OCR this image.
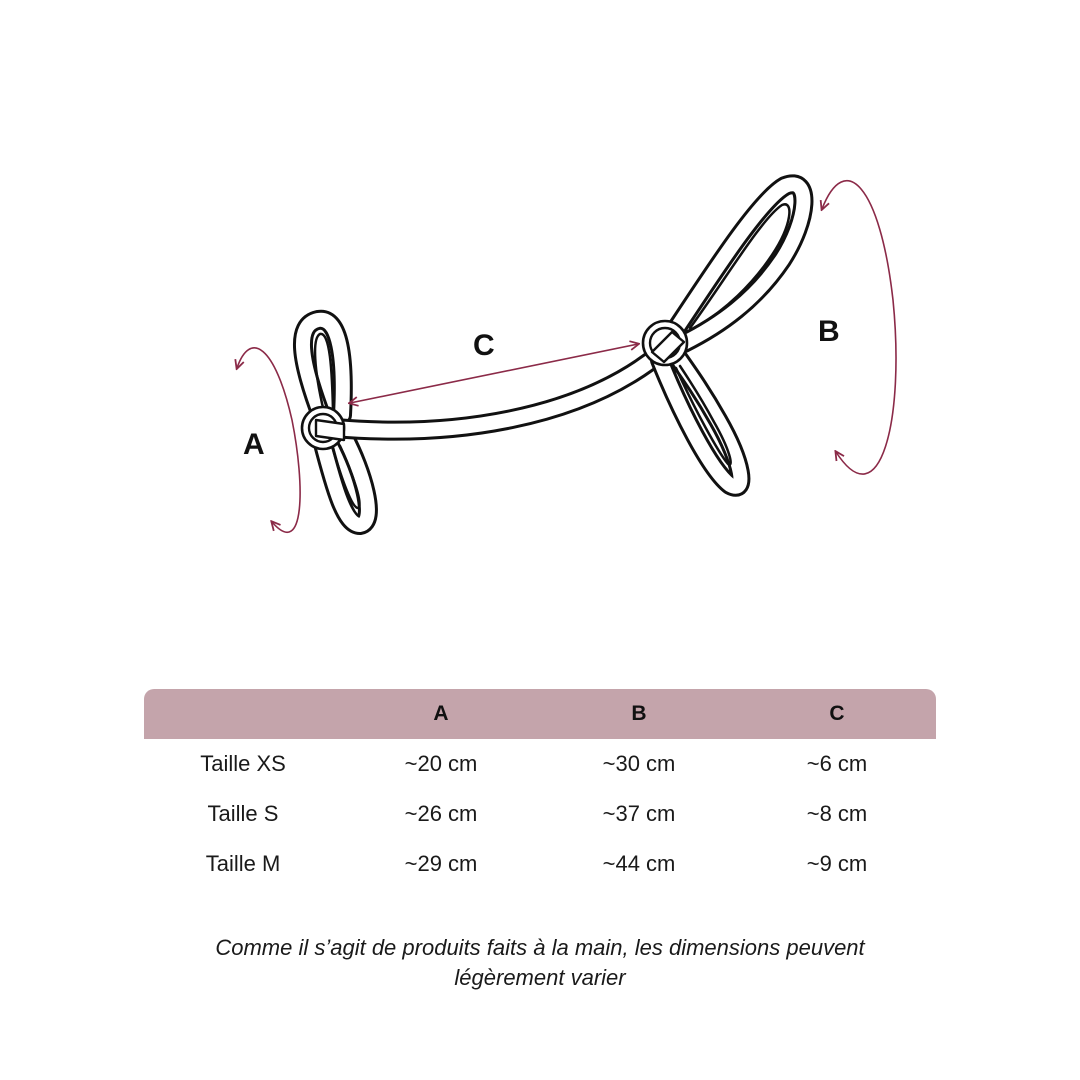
A
B
C
	A	B	C
Taille XS	~20 cm	~30 cm	~6 cm
Taille S	~26 cm	~37 cm	~8 cm
Taille M	~29 cm	~44 cm	~9 cm
Comme il s’agit de produits faits à la main, les dimensions peuvent
légèrement varier
